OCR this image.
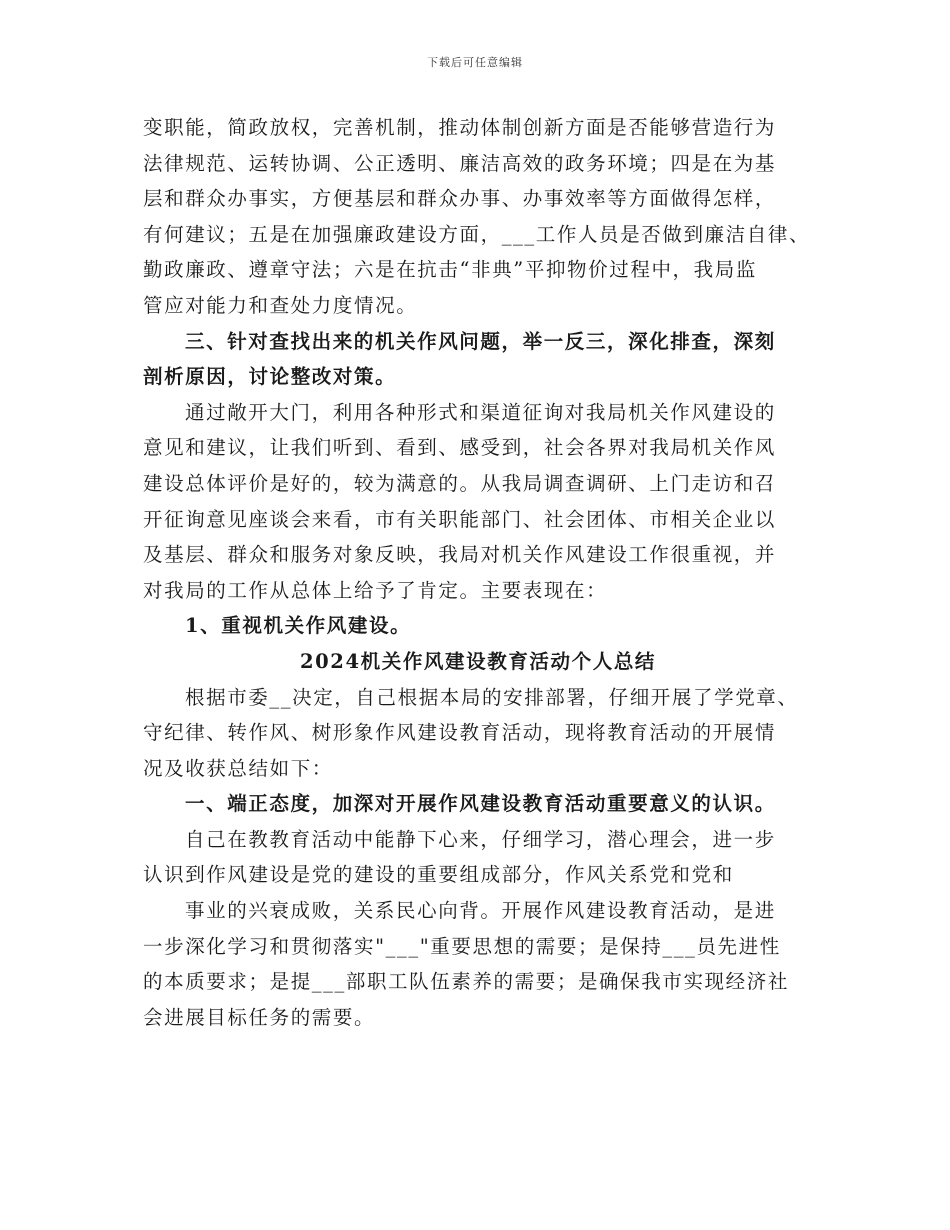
下载后可任意编辑
变职能，简政放权，完善机制，推动体制创新方面是否能够营造行为
法律规范、运转协调、公正透明、廉洁高效的政务环境；四是在为基
层和群众办事实，方便基层和群众办事、办事效率等方面做得怎样，
有何建议；五是在加强廉政建设方面，___工作人员是否做到廉洁自律、
勤政廉政、遵章守法；六是在抗击“非典”平抑物价过程中，我局监
管应对能力和查处力度情况。
三、针对查找出来的机关作风问题，举一反三，深化排查，深刻
剖析原因，讨论整改对策。
通过敞开大门，利用各种形式和渠道征询对我局机关作风建设的
意见和建议，让我们听到、看到、感受到，社会各界对我局机关作风
建设总体评价是好的，较为满意的。从我局调查调研、上门走访和召
开征询意见座谈会来看，市有关职能部门、社会团体、市相关企业以
及基层、群众和服务对象反映，我局对机关作风建设工作很重视，并
对我局的工作从总体上给予了肯定。主要表现在：
1、重视机关作风建设。
2024机关作风建设教育活动个人总结
根据市委__决定，自己根据本局的安排部署，仔细开展了学党章、
守纪律、转作风、树形象作风建设教育活动，现将教育活动的开展情
况及收获总结如下：
一、端正态度，加深对开展作风建设教育活动重要意义的认识。
自己在教教育活动中能静下心来，仔细学习，潜心理会，进一步
认识到作风建设是党的建设的重要组成部分，作风关系党和党和
事业的兴衰成败，关系民心向背。开展作风建设教育活动，是进
一步深化学习和贯彻落实"___"重要思想的需要；是保持___员先进性
的本质要求；是提___部职工队伍素养的需要；是确保我市实现经济社
会进展目标任务的需要。
